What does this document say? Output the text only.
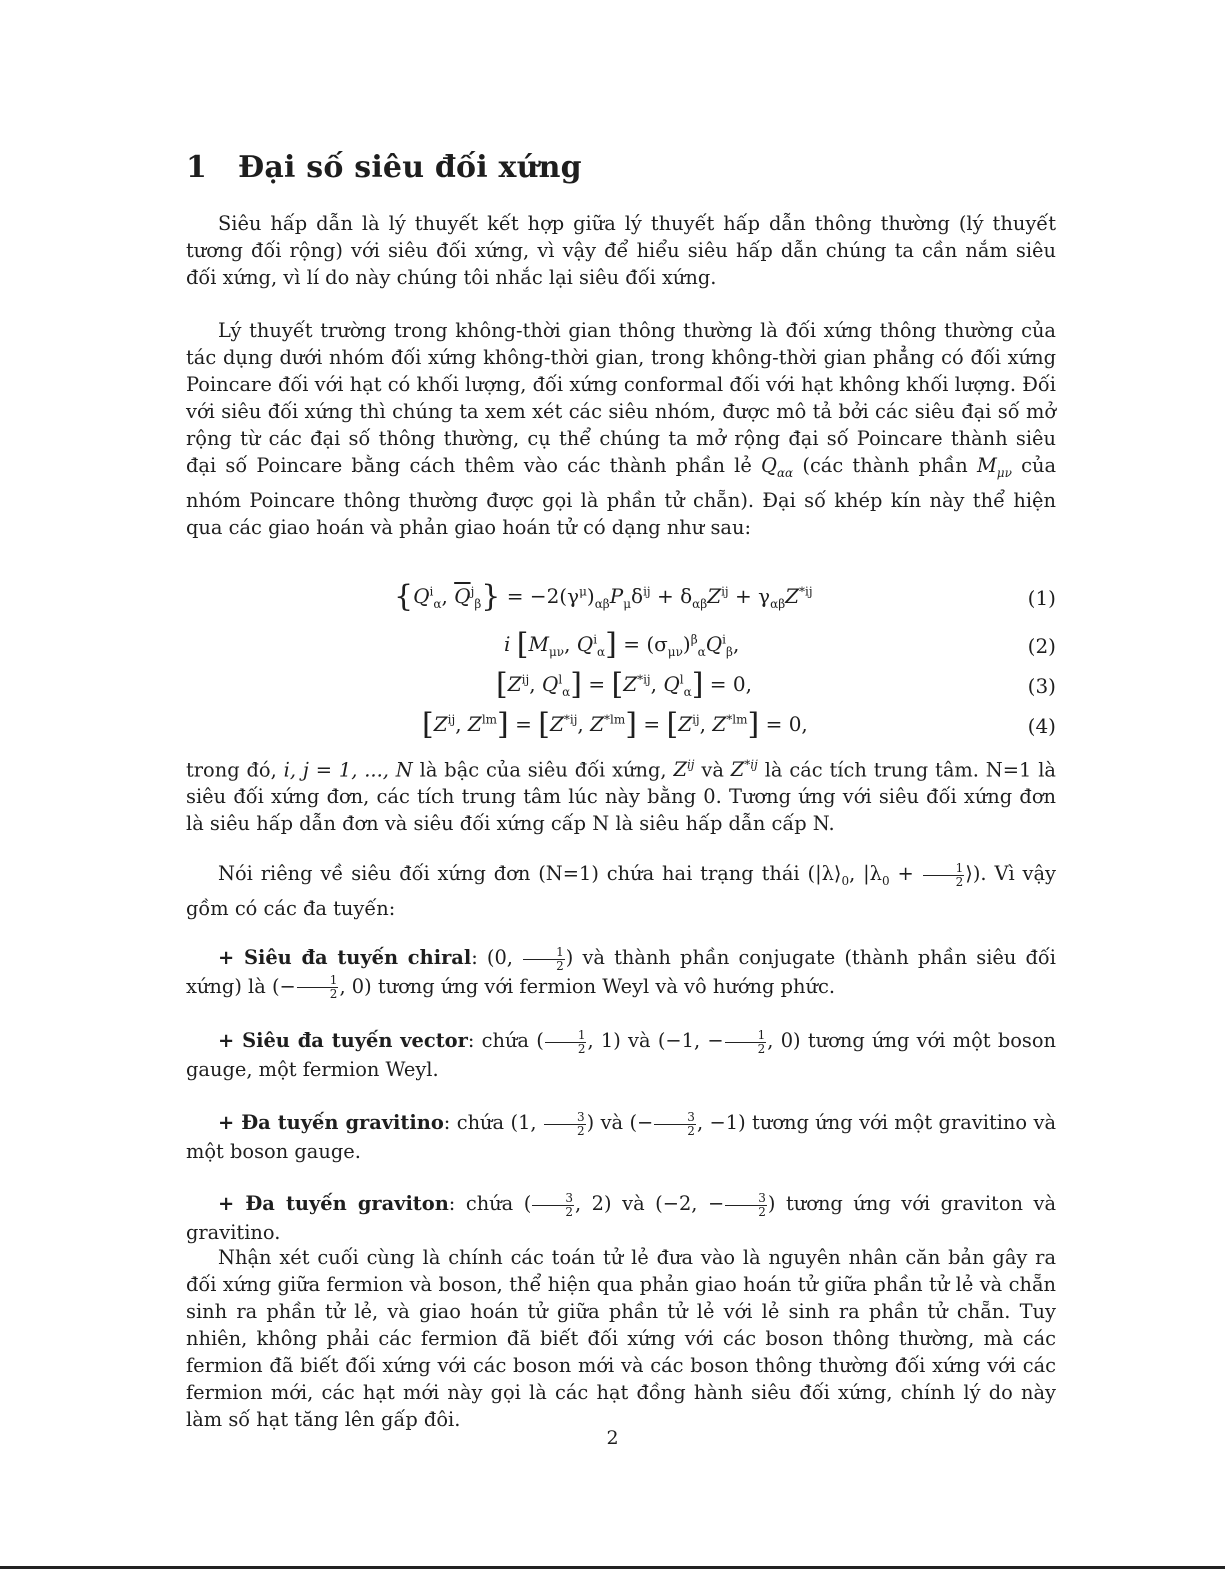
1 Đại số siêu đối xứng

Siêu hấp dẫn là lý thuyết kết hợp giữa lý thuyết hấp dẫn thông thường (lý thuyết tương đối rộng) với siêu đối xứng, vì vậy để hiểu siêu hấp dẫn chúng ta cần nắm siêu đối xứng, vì lí do này chúng tôi nhắc lại siêu đối xứng.

Lý thuyết trường trong không-thời gian thông thường là đối xứng thông thường của tác dụng dưới nhóm đối xứng không-thời gian, trong không-thời gian phẳng có đối xứng Poincare đối với hạt có khối lượng, đối xứng conformal đối với hạt không khối lượng. Đối với siêu đối xứng thì chúng ta xem xét các siêu nhóm, được mô tả bởi các siêu đại số mở rộng từ các đại số thông thường, cụ thể chúng ta mở rộng đại số Poincare thành siêu đại số Poincare bằng cách thêm vào các thành phần lẻ $Q_{\alpha\alpha}$ (các thành phần $M_{\mu\nu}$ của nhóm Poincare thông thường được gọi là phần tử chẵn). Đại số khép kín này thể hiện qua các giao hoán và phản giao hoán tử có dạng như sau:

{$Q^i_\alpha$, $\overline{Q}^j_\beta\} = -2(\gamma^\mu)_{\alpha\beta}P_\mu\delta^{ij} + \delta_{\alpha\beta}Z^{ij} + \gamma_{\alpha\beta}Z^{*ij}$	(1)
i [$M_{\mu\nu}$, $Q^i_\alpha] = (\sigma_{\mu\nu})^\beta_\alpha Q^i_\beta$,	(2)
[$Z^{ij}$, $Q^l_\alpha] = [Z^{*ij}$, $Q^l_\alpha] = 0$,	(3)
[$Z^{ij}$, $Z^{lm}] = [Z^{*ij}$, $Z^{*lm}] = [Z^{ij}$, $Z^{*lm}] = 0$,	(4)

trong đó, i, j = 1, ..., N là bậc của siêu đối xứng, $Z^{ij}$ và $Z^{*ij}$ là các tích trung tâm. N=1 là siêu đối xứng đơn, các tích trung tâm lúc này bằng 0. Tương ứng với siêu đối xứng đơn là siêu hấp dẫn đơn và siêu đối xứng cấp N là siêu hấp dẫn cấp N.

Nói riêng về siêu đối xứng đơn (N=1) chứa hai trạng thái ($|\lambda⟩_0$, $|\lambda_0 + \frac{1}{2}$ ⟩). Vì vậy gồm có các đa tuyến:

+ Siêu đa tuyến chiral: (0, $\frac{1}{2}$ ) và thành phần conjugate (thành phần siêu đối xứng) là (− $\frac{1}{2}$ , 0) tương ứng với fermion Weyl và vô hướng phức.

+ Siêu đa tuyến vector: chứa ( $\frac{1}{2}$ , 1) và (−1, − $\frac{1}{2}$ , 0) tương ứng với một boson gauge, một fermion Weyl.

+ Đa tuyến gravitino: chứa (1, $\frac{3}{2}$ ) và (− $\frac{3}{2}$ , −1) tương ứng với một gravitino và một boson gauge.

+ Đa tuyến graviton: chứa ( $\frac{3}{2}$ , 2) và (−2, − $\frac{3}{2}$ ) tương ứng với graviton và gravitino.

Nhận xét cuối cùng là chính các toán tử lẻ đưa vào là nguyên nhân căn bản gây ra đối xứng giữa fermion và boson, thể hiện qua phản giao hoán tử giữa phần tử lẻ và chẵn sinh ra phần tử lẻ, và giao hoán tử giữa phần tử lẻ với lẻ sinh ra phần tử chẵn. Tuy nhiên, không phải các fermion đã biết đối xứng với các boson thông thường, mà các fermion đã biết đối xứng với các boson mới và các boson thông thường đối xứng với các fermion mới, các hạt mới này gọi là các hạt đồng hành siêu đối xứng, chính lý do này làm số hạt tăng lên gấp đôi.

2
